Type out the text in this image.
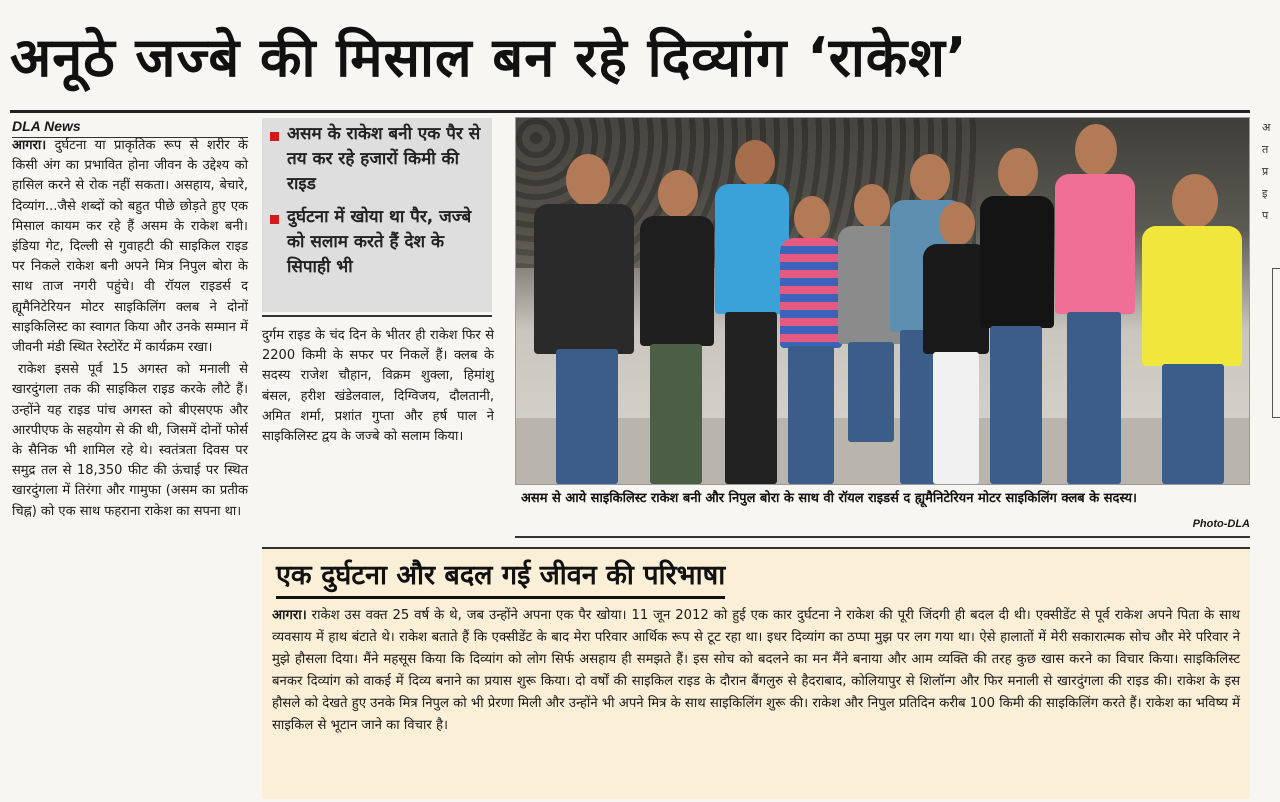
अनूठे जज्बे की मिसाल बन रहे दिव्यांग ‘राकेश’
DLA News

आगरा। दुर्घटना या प्राकृतिक रूप से शरीर के किसी अंग का प्रभावित होना जीवन के उद्देश्य को हासिल करने से रोक नहीं सकता। असहाय, बेचारे, दिव्यांग...जैसे शब्दों को बहुत पीछे छोड़ते हुए एक मिसाल कायम कर रहे हैं असम के राकेश बनी। इंडिया गेट, दिल्ली से गुवाहटी की साइकिल राइड पर निकले राकेश बनी अपने मित्र निपुल बोरा के साथ ताज नगरी पहुंचे। वी रॉयल राइडर्स द ह्यूमैनिटेरियन मोटर साइकिलिंग क्लब ने दोनों साइकिलिस्ट का स्वागत किया और उनके सम्मान में जीवनी मंडी स्थित रेस्टोरेंट में कार्यक्रम रखा।

राकेश इससे पूर्व 15 अगस्त को मनाली से खारदुंगला तक की साइकिल राइड करके लौटे हैं। उन्होंने यह राइड पांच अगस्त को बीएसएफ और आरपीएफ के सहयोग से की थी, जिसमें दोनों फोर्स के सैनिक भी शामिल रहे थे। स्वतंत्रता दिवस पर समुद्र तल से 18,350 फीट की ऊंचाई पर स्थित खारदुंगला में तिरंगा और गामुफा (असम का प्रतीक चिह्न) को एक साथ फहराना राकेश का सपना था।

असम के राकेश बनी एक पैर से तय कर रहे हजारों किमी की राइड
दुर्घटना में खोया था पैर, जज्बे को सलाम करते हैं देश के सिपाही भी
दुर्गम राइड के चंद दिन के भीतर ही राकेश फिर से 2200 किमी के सफर पर निकलें हैं। क्लब के सदस्य राजेश चौहान, विक्रम शुक्ला, हिमांशु बंसल, हरीश खंडेलवाल, दिग्विजय, दौलतानी, अमित शर्मा, प्रशांत गुप्ता और हर्ष पाल ने साइकिलिस्ट द्वय के जज्बे को सलाम किया।
असम से आये साइकिलिस्ट राकेश बनी और निपुल बोरा के साथ वी रॉयल राइडर्स द ह्यूमैनिटेरियन मोटर साइकिलिंग क्लब के सदस्य।
Photo-DLA
एक दुर्घटना और बदल गई जीवन की परिभाषा
आगरा। राकेश उस वक्त 25 वर्ष के थे, जब उन्होंने अपना एक पैर खोया। 11 जून 2012 को हुई एक कार दुर्घटना ने राकेश की पूरी जिंदगी ही बदल दी थी। एक्सीडेंट से पूर्व राकेश अपने पिता के साथ व्यवसाय में हाथ बंटाते थे। राकेश बताते हैं कि एक्सीडेंट के बाद मेरा परिवार आर्थिक रूप से टूट रहा था। इधर दिव्यांग का ठप्पा मुझ पर लग गया था। ऐसे हालातों में मेरी सकारात्मक सोच और मेरे परिवार ने मुझे हौसला दिया। मैंने महसूस किया कि दिव्यांग को लोग सिर्फ असहाय ही समझते हैं। इस सोच को बदलने का मन मैंने बनाया और आम व्यक्ति की तरह कुछ खास करने का विचार किया। साइकिलिस्ट बनकर दिव्यांग को वाकई में दिव्य बनाने का प्रयास शुरू किया। दो वर्षों की साइकिल राइड के दौरान बैंगलुरु से हैदराबाद, कोलियापुर से शिलॉन्ग और फिर मनाली से खारदुंगला की राइड की। राकेश के इस हौसले को देखते हुए उनके मित्र निपुल को भी प्रेरणा मिली और उन्होंने भी अपने मित्र के साथ साइकिलिंग शुरू की। राकेश और निपुल प्रतिदिन करीब 100 किमी की साइकिलिंग करते हैं। राकेश का भविष्य में साइकिल से भूटान जाने का विचार है।
अ
त
प्र
इ
प
